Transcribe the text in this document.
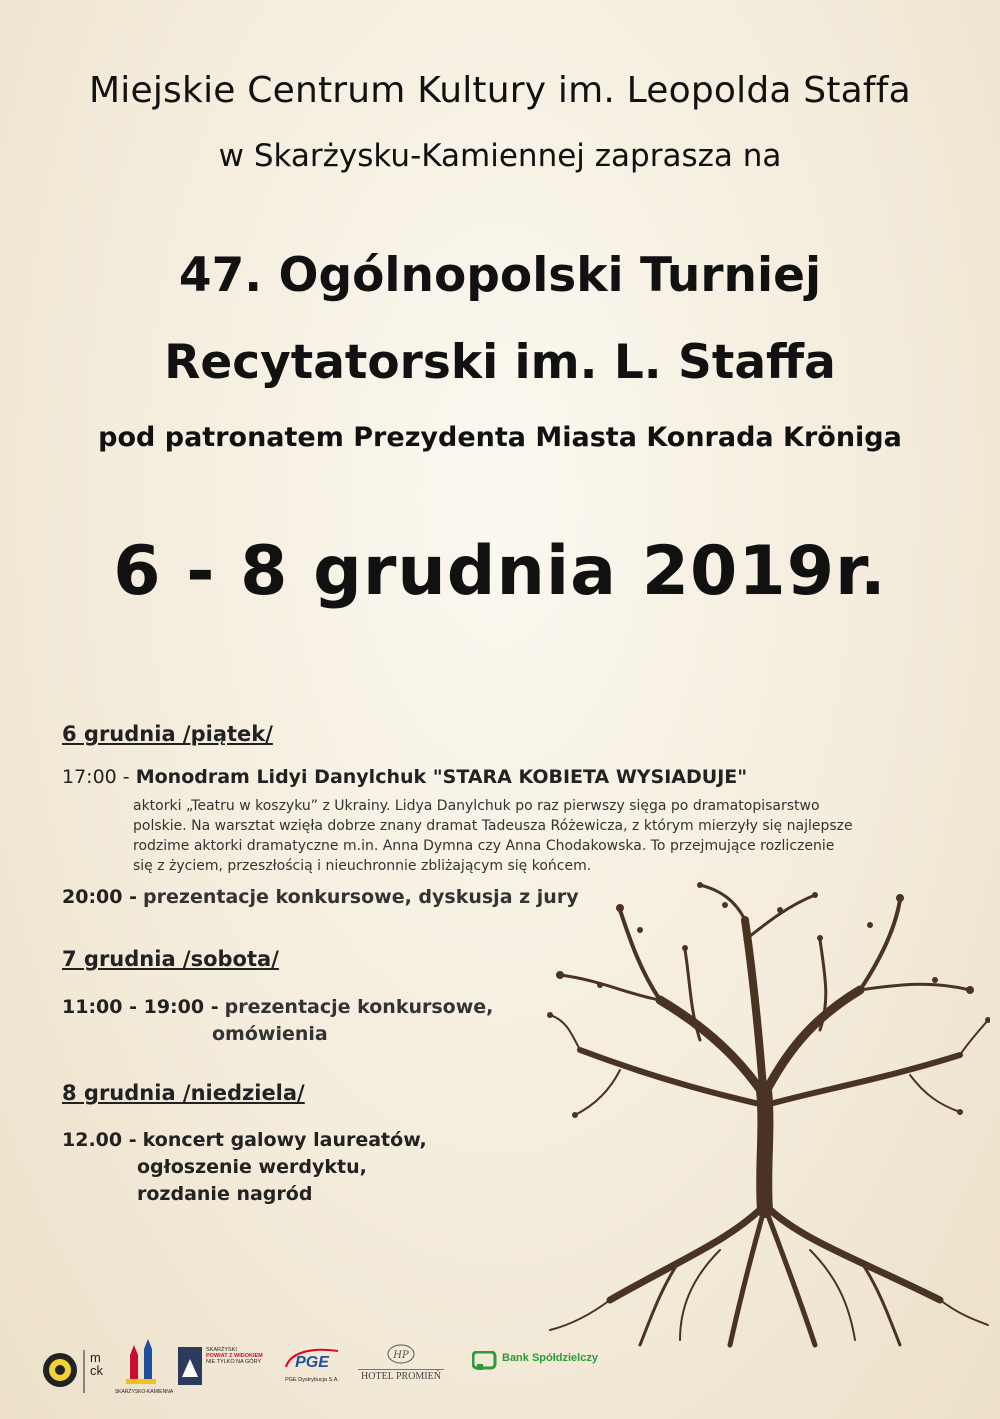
Miejskie Centrum Kultury im. Leopolda Staffa
w Skarżysku-Kamiennej zaprasza na
47. Ogólnopolski Turniej
Recytatorski im. L. Staffa
pod patronatem Prezydenta Miasta Konrada Kröniga
6 - 8 grudnia 2019r.
6 grudnia /piątek/
17:00 - Monodram Lidyi Danylchuk "STARA KOBIETA WYSIADUJE"
aktorki „Teatru w koszyku” z Ukrainy. Lidya Danylchuk po raz pierwszy sięga po dramatopisarstwo
polskie. Na warsztat wzięła dobrze znany dramat Tadeusza Różewicza, z którym mierzyły się najlepsze
rodzime aktorki dramatyczne m.in. Anna Dymna czy Anna Chodakowska. To przejmujące rozliczenie
się z życiem, przeszłością i nieuchronnie zbliżającym się końcem.
20:00 - prezentacje konkursowe, dyskusja z jury
7 grudnia /sobota/
11:00 - 19:00 - prezentacje konkursowe,
omówienia
8 grudnia /niedziela/
12.00 - koncert galowy laureatów,
ogłoszenie werdyktu,
rozdanie nagród
mck
SKARŻYSKO-KAMIENNA
SKARŻYSKI
POWIAT Z WIDOKIEM
NIE TYLKO NA GÓRY	PGE
PGE Dystrybucja S.A.
HP
HOTEL PROMIEŃ
Bank Spółdzielczy
